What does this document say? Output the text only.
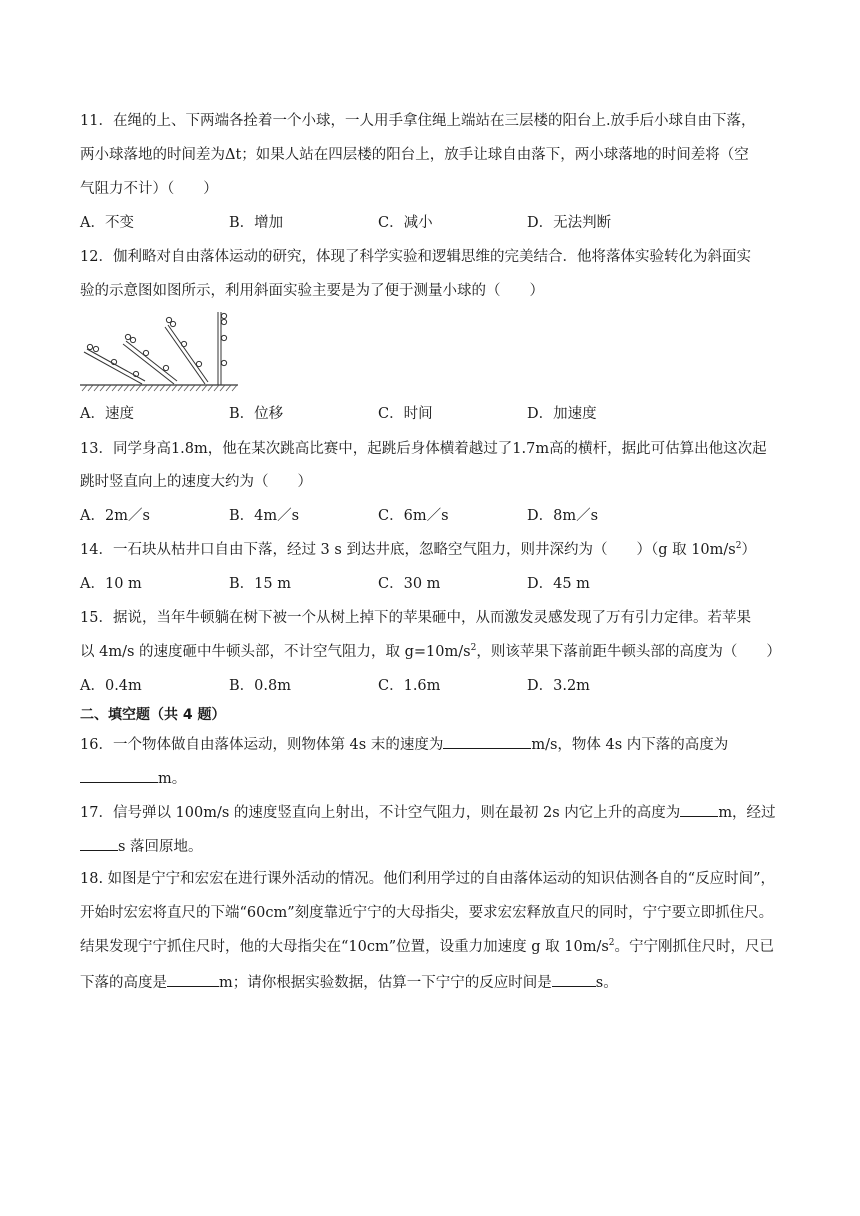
11．在绳的上、下两端各拴着一个小球，一人用手拿住绳上端站在三层楼的阳台上.放手后小球自由下落，
两小球落地的时间差为Δt；如果人站在四层楼的阳台上，放手让球自由落下，两小球落地的时间差将（空
气阻力不计）（　　）
A．不变	B．增加	C．减小	D．无法判断
12．伽利略对自由落体运动的研究，体现了科学实验和逻辑思维的完美结合．他将落体实验转化为斜面实
验的示意图如图所示，利用斜面实验主要是为了便于测量小球的（　　）
A．速度	B．位移	C．时间	D．加速度
13．同学身高1.8m，他在某次跳高比赛中，起跳后身体横着越过了1.7m高的横杆，据此可估算出他这次起
跳时竖直向上的速度大约为（　　）
A．2m／s	B．4m／s	C．6m／s	D．8m／s
14．一石块从枯井口自由下落，经过 3 s 到达井底，忽略空气阻力，则井深约为（　　）（g 取 $10m/s^2$）
A．10 m	B．15 m	C．30 m	D．45 m
15．据说，当年牛顿躺在树下被一个从树上掉下的苹果砸中，从而激发灵感发现了万有引力定律。若苹果
以 4m/s 的速度砸中牛顿头部，不计空气阻力，取 $g=10m/s^2$，则该苹果下落前距牛顿头部的高度为（　　）
A．0.4m	B．0.8m	C．1.6m	D．3.2m
二、填空题（共 4 题）
16．一个物体做自由落体运动，则物体第 4s 末的速度为	m/s，物体 4s 内下落的高度为
m。
17．信号弹以 100m/s 的速度竖直向上射出，不计空气阻力，则在最初 2s 内它上升的高度为	m，经过
s 落回原地。
18. 如图是宁宁和宏宏在进行课外活动的情况。他们利用学过的自由落体运动的知识估测各自的“反应时间”，
开始时宏宏将直尺的下端“60cm”刻度靠近宁宁的大母指尖，要求宏宏释放直尺的同时，宁宁要立即抓住尺。
结果发现宁宁抓住尺时，他的大母指尖在“10cm”位置，设重力加速度 g 取 $10m/s^2$。宁宁刚抓住尺时，尺已
下落的高度是	m；请你根据实验数据，估算一下宁宁的反应时间是	s。
